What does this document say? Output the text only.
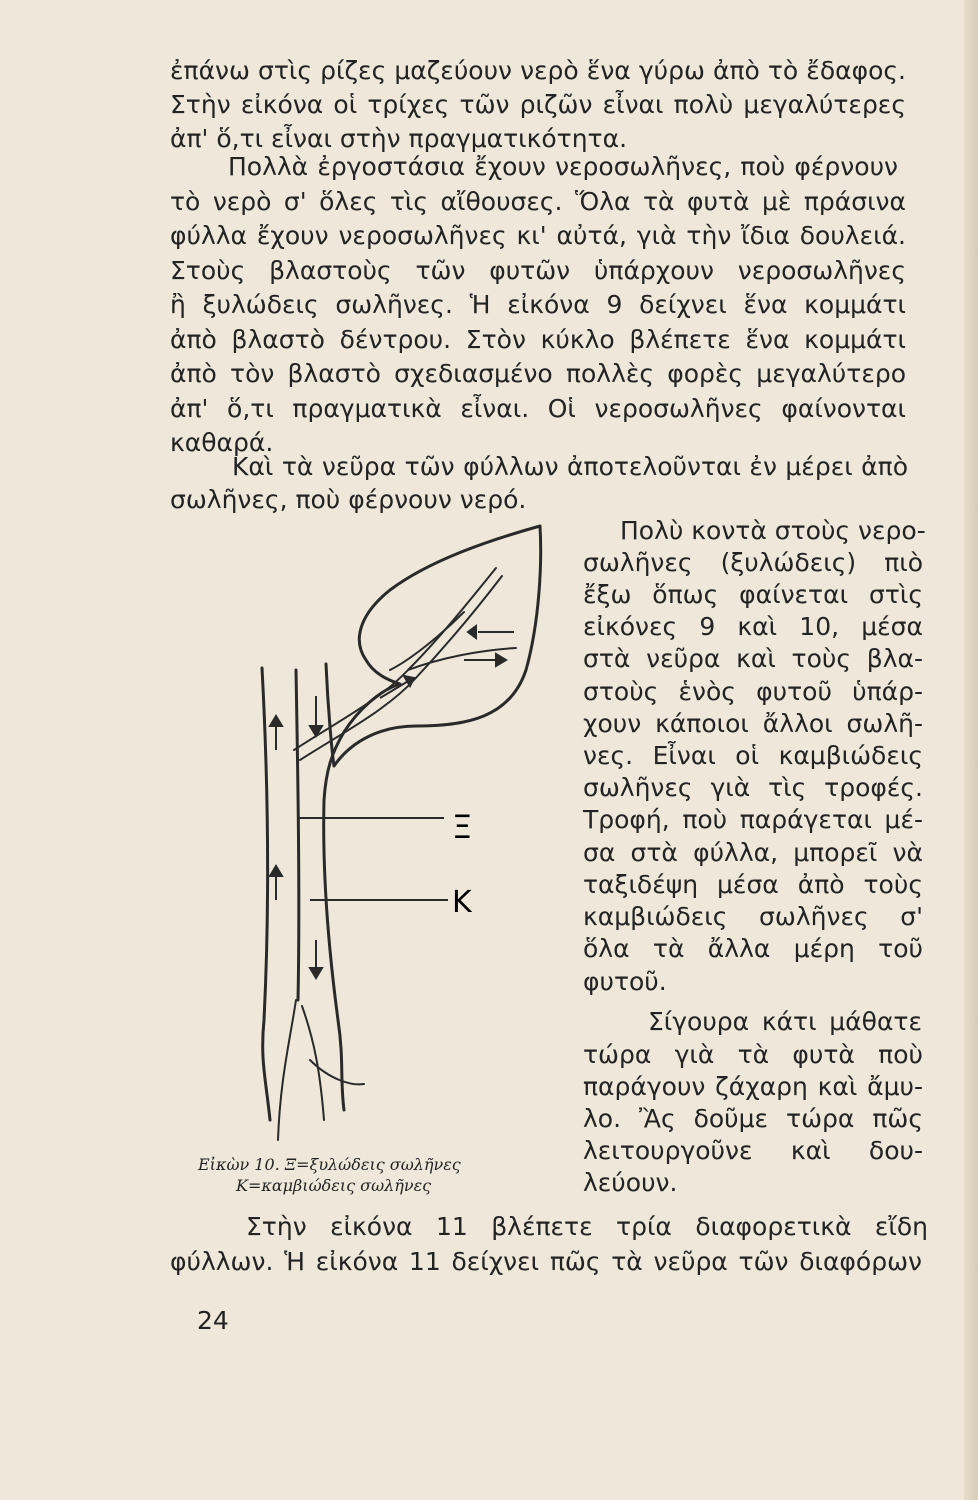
ἐπάνω στὶς ρίζες μαζεύουν νερὸ ἕνα γύρω ἀπὸ τὸ ἔδαφος.

Στὴν εἰκόνα οἱ τρίχες τῶν ριζῶν εἶναι πολὺ μεγαλύτερες

ἀπ' ὅ,τι εἶναι στὴν πραγματικότητα.

Πολλὰ ἐργοστάσια ἔχουν νεροσωλῆνες, ποὺ φέρνουν

τὸ νερὸ σ' ὅλες τὶς αἴθουσες. Ὅλα τὰ φυτὰ μὲ πράσινα

φύλλα ἔχουν νεροσωλῆνες κι' αὐτά, γιὰ τὴν ἴδια δουλειά.

Στοὺς βλαστοὺς τῶν φυτῶν ὑπάρχουν νεροσωλῆνες

ἢ ξυλώδεις σωλῆνες. Ἡ εἰκόνα 9 δείχνει ἕνα κομμάτι

ἀπὸ βλαστὸ δέντρου. Στὸν κύκλο βλέπετε ἕνα κομμάτι

ἀπὸ τὸν βλαστὸ σχεδιασμένο πολλὲς φορὲς μεγαλύτερο

ἀπ' ὅ,τι πραγματικὰ εἶναι. Οἱ νεροσωλῆνες φαίνονται

καθαρά.

Καὶ τὰ νεῦρα τῶν φύλλων ἀποτελοῦνται ἐν μέρει ἀπὸ

σωλῆνες, ποὺ φέρνουν νερό.

Πολὺ κοντὰ στοὺς νερο-

σωλῆνες (ξυλώδεις) πιὸ

ἔξω ὅπως φαίνεται στὶς

εἰκόνες 9 καὶ 10, μέσα

στὰ νεῦρα καὶ τοὺς βλα-

στοὺς ἑνὸς φυτοῦ ὑπάρ-

χουν κάποιοι ἄλλοι σωλῆ-

νες. Εἶναι οἱ καμβιώδεις

σωλῆνες γιὰ τὶς τροφές.

Τροφή, ποὺ παράγεται μέ-

σα στὰ φύλλα, μπορεῖ νὰ

ταξιδέψη μέσα ἀπὸ τοὺς

καμβιώδεις σωλῆνες σ'

ὅλα τὰ ἄλλα μέρη τοῦ

φυτοῦ.

Σίγουρα κάτι μάθατε

τώρα γιὰ τὰ φυτὰ ποὺ

παράγουν ζάχαρη καὶ ἄμυ-

λο. Ἂς δοῦμε τώρα πῶς

λειτουργοῦνε καὶ δου-

λεύουν.

Ξ
Κ

Εἰκὼν 10. Ξ=ξυλώδεις σωλῆνες

Κ=καμβιώδεις σωλῆνες

Στὴν εἰκόνα 11 βλέπετε τρία διαφορετικὰ εἴδη

φύλλων. Ἡ εἰκόνα 11 δείχνει πῶς τὰ νεῦρα τῶν διαφόρων

24
